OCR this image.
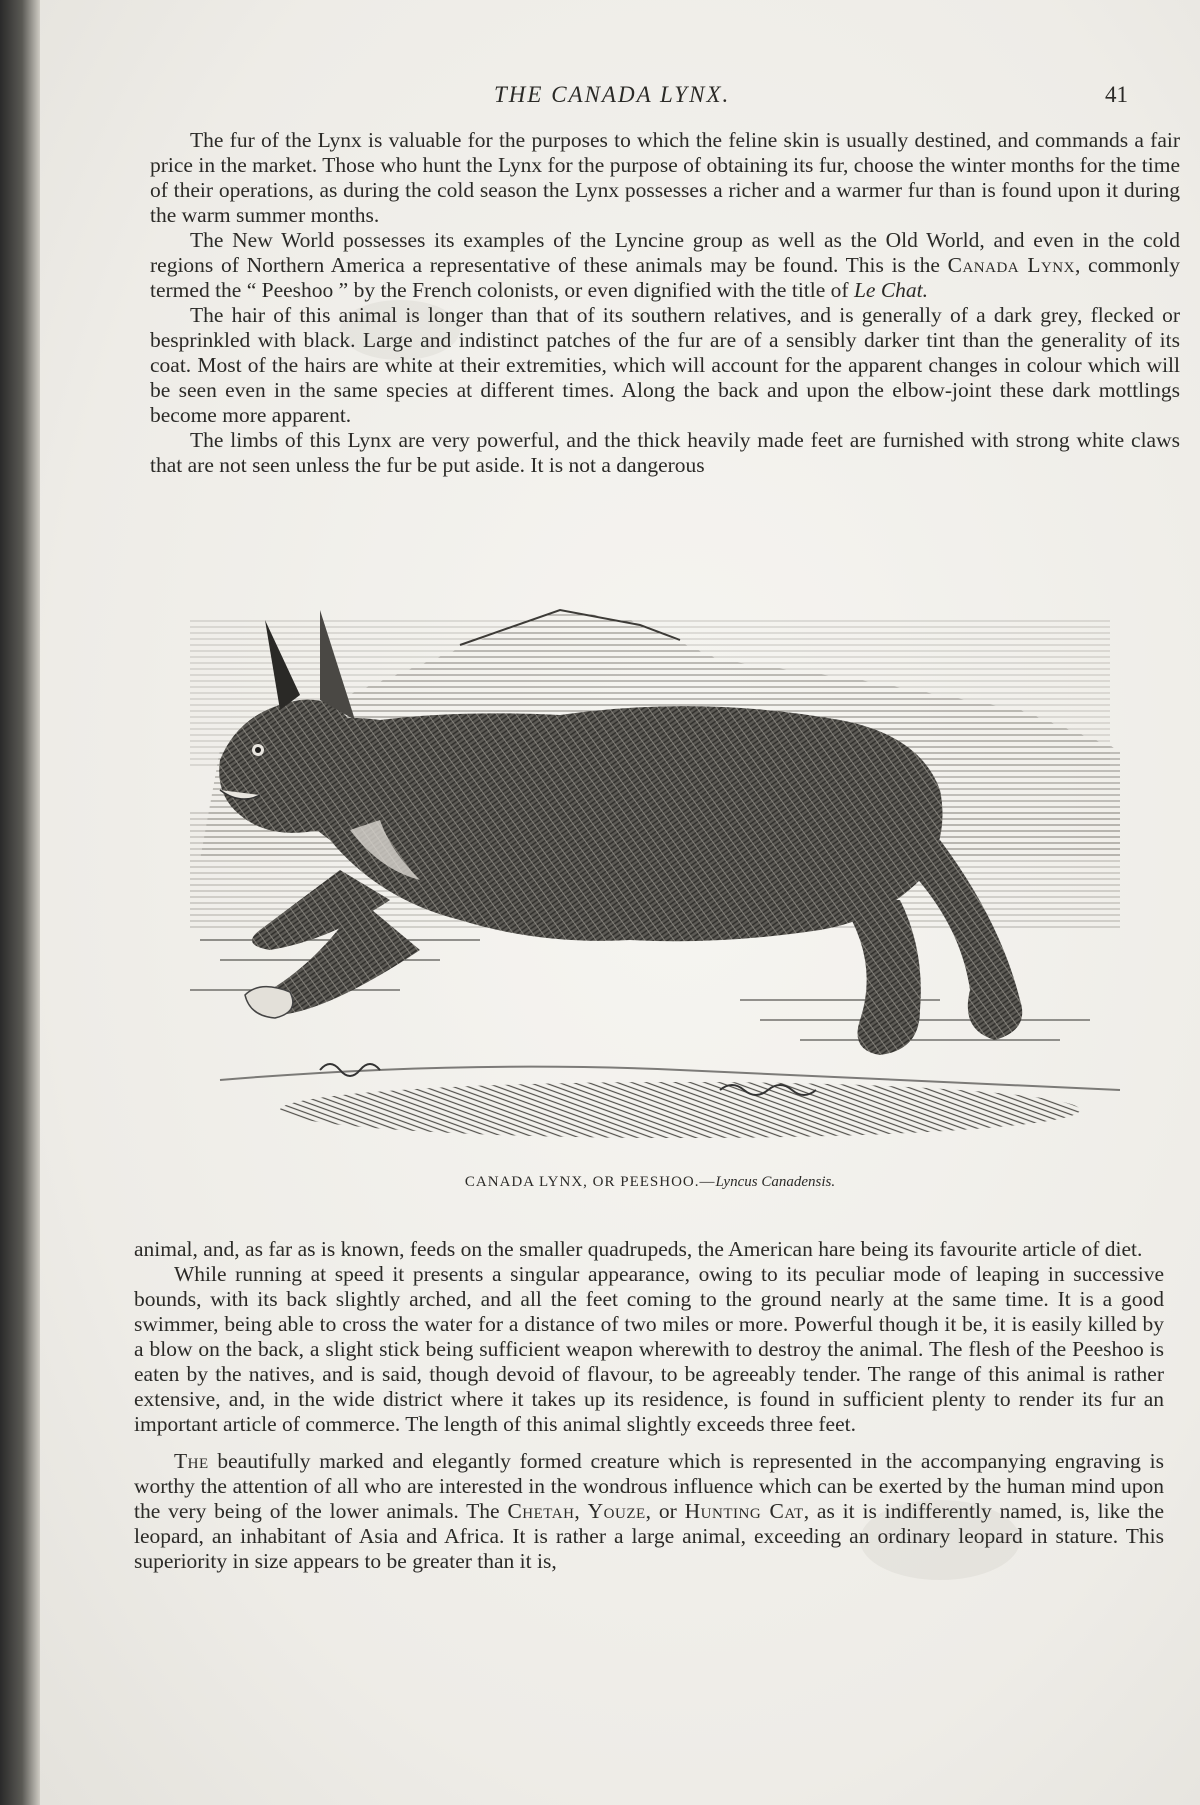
THE CANADA LYNX.	41

The fur of the Lynx is valuable for the purposes to which the feline skin is usually destined, and commands a fair price in the market. Those who hunt the Lynx for the purpose of obtaining its fur, choose the winter months for the time of their operations, as during the cold season the Lynx possesses a richer and a warmer fur than is found upon it during the warm summer months.

The New World possesses its examples of the Lyncine group as well as the Old World, and even in the cold regions of Northern America a representative of these animals may be found. This is the Canada Lynx, commonly termed the “ Peeshoo ” by the French colonists, or even dignified with the title of Le Chat.

The hair of this animal is longer than that of its southern relatives, and is generally of a dark grey, flecked or besprinkled with black. Large and indistinct patches of the fur are of a sensibly darker tint than the generality of its coat. Most of the hairs are white at their extremities, which will account for the apparent changes in colour which will be seen even in the same species at different times. Along the back and upon the elbow-joint these dark mottlings become more apparent.

The limbs of this Lynx are very powerful, and the thick heavily made feet are furnished with strong white claws that are not seen unless the fur be put aside. It is not a dangerous

CANADA LYNX, OR PEESHOO.—Lyncus Canadensis.

animal, and, as far as is known, feeds on the smaller quadrupeds, the American hare being its favourite article of diet.

While running at speed it presents a singular appearance, owing to its peculiar mode of leaping in successive bounds, with its back slightly arched, and all the feet coming to the ground nearly at the same time. It is a good swimmer, being able to cross the water for a distance of two miles or more. Powerful though it be, it is easily killed by a blow on the back, a slight stick being sufficient weapon wherewith to destroy the animal. The flesh of the Peeshoo is eaten by the natives, and is said, though devoid of flavour, to be agreeably tender. The range of this animal is rather extensive, and, in the wide district where it takes up its residence, is found in sufficient plenty to render its fur an important article of commerce. The length of this animal slightly exceeds three feet.

The beautifully marked and elegantly formed creature which is represented in the accompanying engraving is worthy the attention of all who are interested in the wondrous influence which can be exerted by the human mind upon the very being of the lower animals. The Chetah, Youze, or Hunting Cat, as it is indifferently named, is, like the leopard, an inhabitant of Asia and Africa. It is rather a large animal, exceeding an ordinary leopard in stature. This superiority in size appears to be greater than it is,
